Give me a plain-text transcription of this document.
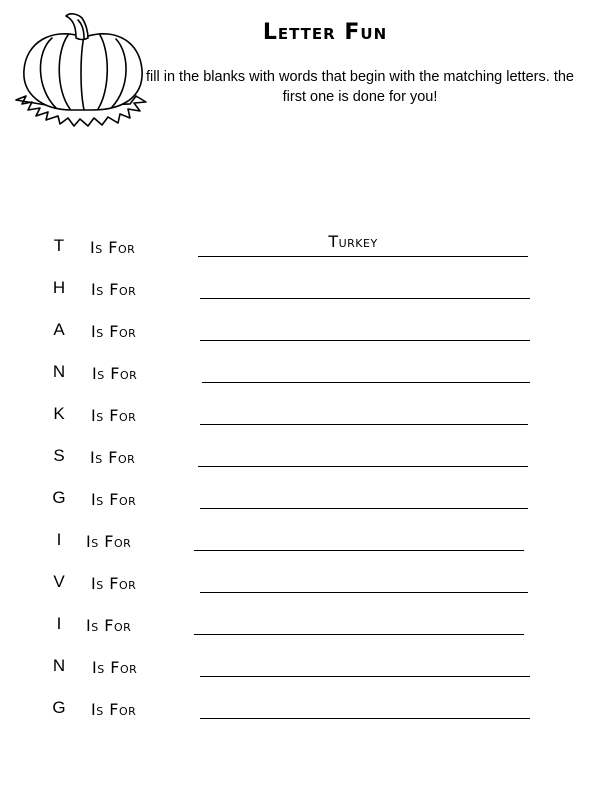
Letter Fun
fill in the blanks with words that begin with the matching letters. the first one is done for you!
T	Is For	Turkey
H	Is For
A	Is For
N	Is For
K	Is For
S	Is For
G	Is For
I	Is For
V	Is For
I	Is For
N	Is For
G	Is For
